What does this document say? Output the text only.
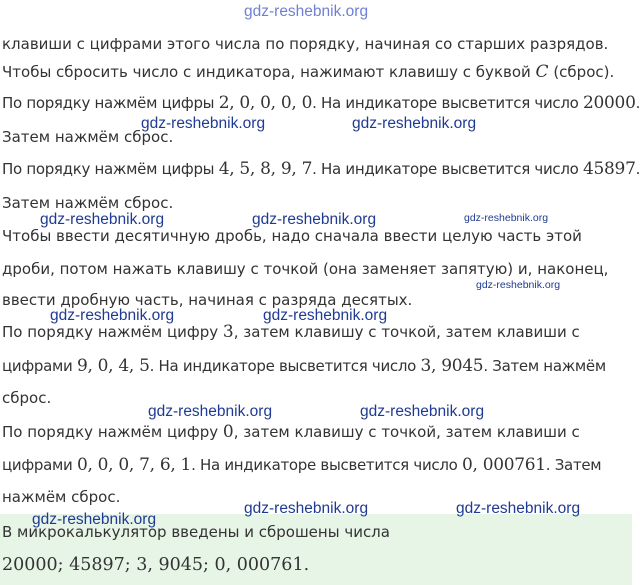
клавиши с цифрами этого числа по порядку, начиная со старших разрядов.
Чтобы сбросить число с индикатора, нажимают клавишу с буквой C (сброс).
По порядку нажмём цифры 2, 0, 0, 0, 0. На индикаторе высветится число 20000.
Затем нажмём сброс.
По порядку нажмём цифры 4, 5, 8, 9, 7. На индикаторе высветится число 45897.
Затем нажмём сброс.
Чтобы ввести десятичную дробь, надо сначала ввести целую часть этой
дроби, потом нажать клавишу с точкой (она заменяет запятую) и, наконец,
ввести дробную часть, начиная с разряда десятых.
По порядку нажмём цифру 3, затем клавишу с точкой, затем клавиши с
цифрами 9, 0, 4, 5. На индикаторе высветится число 3, 9045. Затем нажмём
сброс.
По порядку нажмём цифру 0, затем клавишу с точкой, затем клавиши с
цифрами 0, 0, 0, 7, 6, 1. На индикаторе высветится число 0, 000761. Затем
нажмём сброс.
В микрокалькулятор введены и сброшены числа
20000; 45897; 3, 9045; 0, 000761.
gdz-reshebnik.org
gdz-reshebnik.org	gdz-reshebnik.org
gdz-reshebnik.org	gdz-reshebnik.org	gdz-reshebnik.org
gdz-reshebnik.org
gdz-reshebnik.org	gdz-reshebnik.org
gdz-reshebnik.org	gdz-reshebnik.org
gdz-reshebnik.org	gdz-reshebnik.org
gdz-reshebnik.org
